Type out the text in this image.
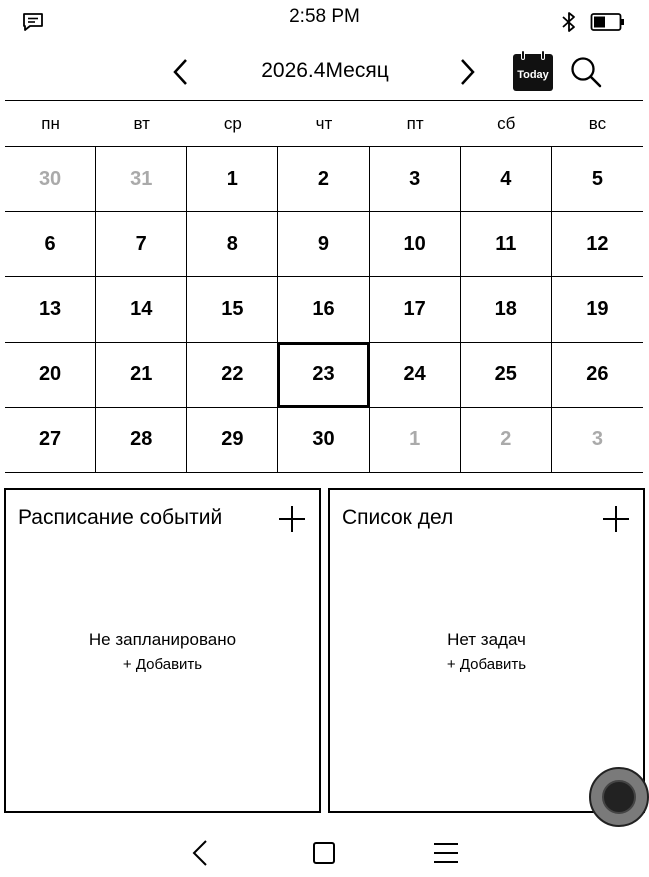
2:58 PM
2026.4Месяц	Today
пн	вт	ср	чт	пт	сб	вс
30	31	1	2	3	4	5
6	7	8	9	10	11	12
13	14	15	16	17	18	19
20	21	22	23	24	25	26
27	28	29	30	1	2	3
Расписание событий
Не запланировано
+ Добавить
Список дел
Нет задач
+ Добавить
